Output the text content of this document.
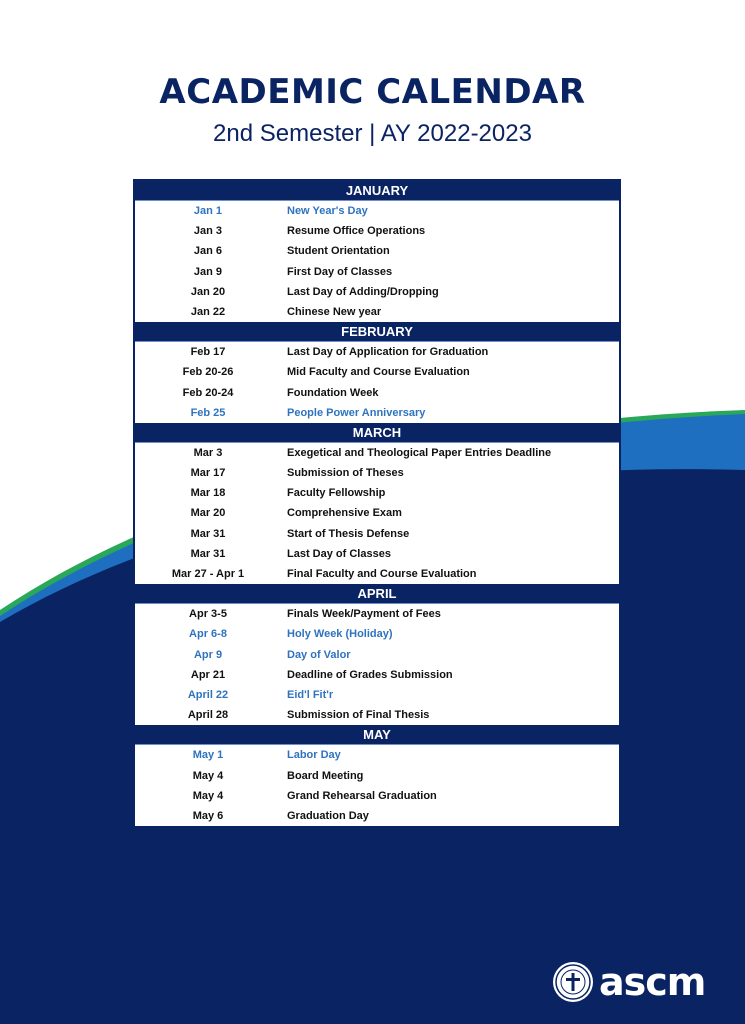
ACADEMIC CALENDAR
2nd Semester | AY 2022-2023
JANUARY
Jan 1	New Year's Day
Jan 3	Resume Office Operations
Jan 6	Student Orientation
Jan 9	First Day of Classes
Jan 20	Last Day of Adding/Dropping
Jan 22	Chinese New year
FEBRUARY
Feb 17	Last Day of Application for Graduation
Feb 20-26	Mid Faculty and Course Evaluation
Feb 20-24	Foundation Week
Feb 25	People Power Anniversary
MARCH
Mar 3	Exegetical and Theological Paper Entries Deadline
Mar 17	Submission of Theses
Mar 18	Faculty Fellowship
Mar 20	Comprehensive Exam
Mar 31	Start of Thesis Defense
Mar 31	Last Day of Classes
Mar 27 - Apr 1	Final Faculty and Course Evaluation
APRIL
Apr 3-5	Finals Week/Payment of Fees
Apr 6-8	Holy Week (Holiday)
Apr 9	Day of Valor
Apr 21	Deadline of Grades Submission
April 22	Eid'l Fit'r
April 28	Submission of Final Thesis
MAY
May 1	Labor Day
May 4	Board Meeting
May 4	Grand Rehearsal Graduation
May 6	Graduation Day
ascm
